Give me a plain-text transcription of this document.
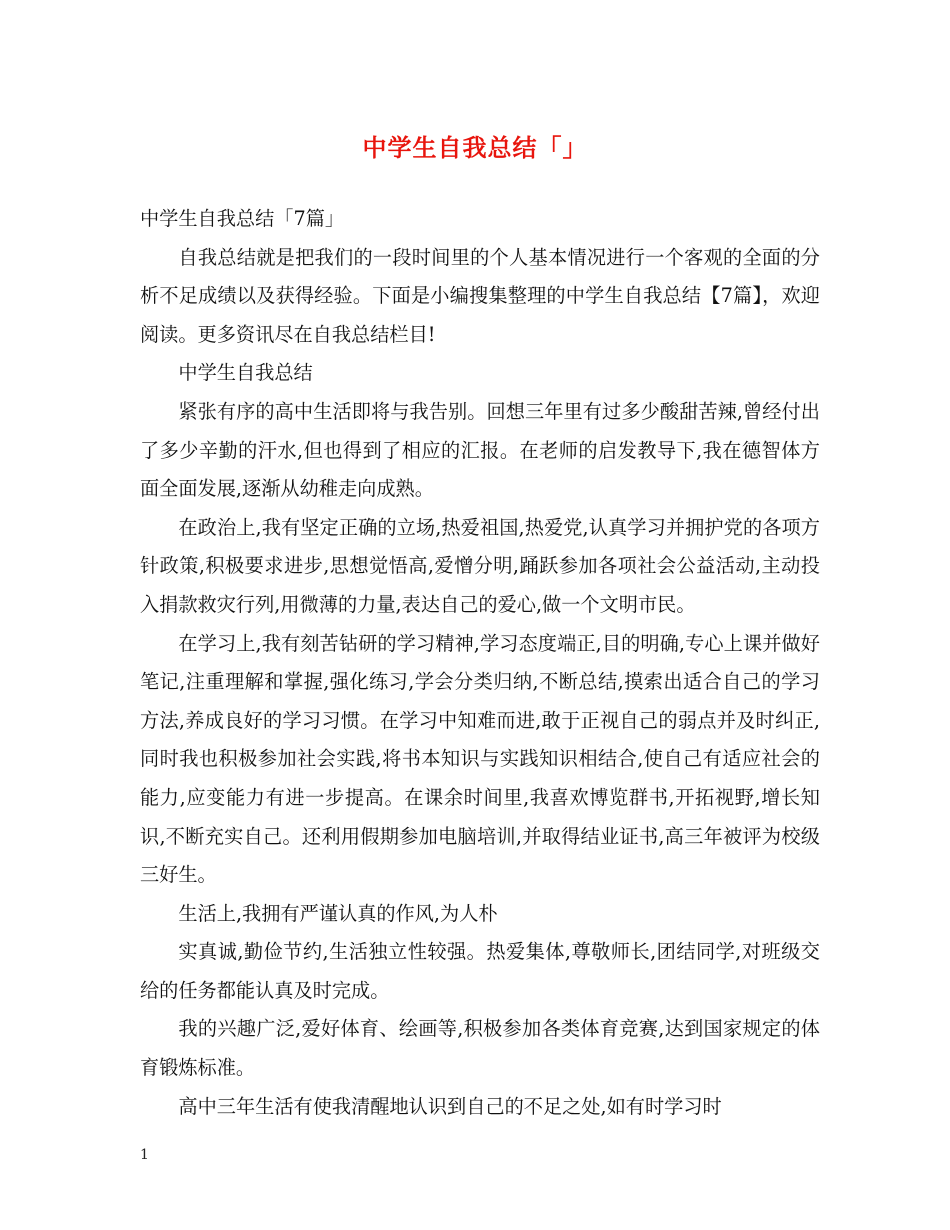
中学生自我总结「」

中学生自我总结「7篇」

自我总结就是把我们的一段时间里的个人基本情况进行一个客观的全面的分析不足成绩以及获得经验。下面是小编搜集整理的中学生自我总结【7篇】，欢迎阅读。更多资讯尽在自我总结栏目!

中学生自我总结

紧张有序的高中生活即将与我告别。回想三年里有过多少酸甜苦辣,曾经付出了多少辛勤的汗水,但也得到了相应的汇报。在老师的启发教导下,我在德智体方面全面发展,逐渐从幼稚走向成熟。

在政治上,我有坚定正确的立场,热爱祖国,热爱党,认真学习并拥护党的各项方针政策,积极要求进步,思想觉悟高,爱憎分明,踊跃参加各项社会公益活动,主动投入捐款救灾行列,用微薄的力量,表达自己的爱心,做一个文明市民。

在学习上,我有刻苦钻研的学习精神,学习态度端正,目的明确,专心上课并做好笔记,注重理解和掌握,强化练习,学会分类归纳,不断总结,摸索出适合自己的学习方法,养成良好的学习习惯。在学习中知难而进,敢于正视自己的弱点并及时纠正,同时我也积极参加社会实践,将书本知识与实践知识相结合,使自己有适应社会的能力,应变能力有进一步提高。在课余时间里,我喜欢博览群书,开拓视野,增长知识,不断充实自己。还利用假期参加电脑培训,并取得结业证书,高三年被评为校级三好生。

生活上,我拥有严谨认真的作风,为人朴

实真诚,勤俭节约,生活独立性较强。热爱集体,尊敬师长,团结同学,对班级交给的任务都能认真及时完成。

我的兴趣广泛,爱好体育、绘画等,积极参加各类体育竞赛,达到国家规定的体育锻炼标准。

高中三年生活有使我清醒地认识到自己的不足之处,如有时学习时

1
